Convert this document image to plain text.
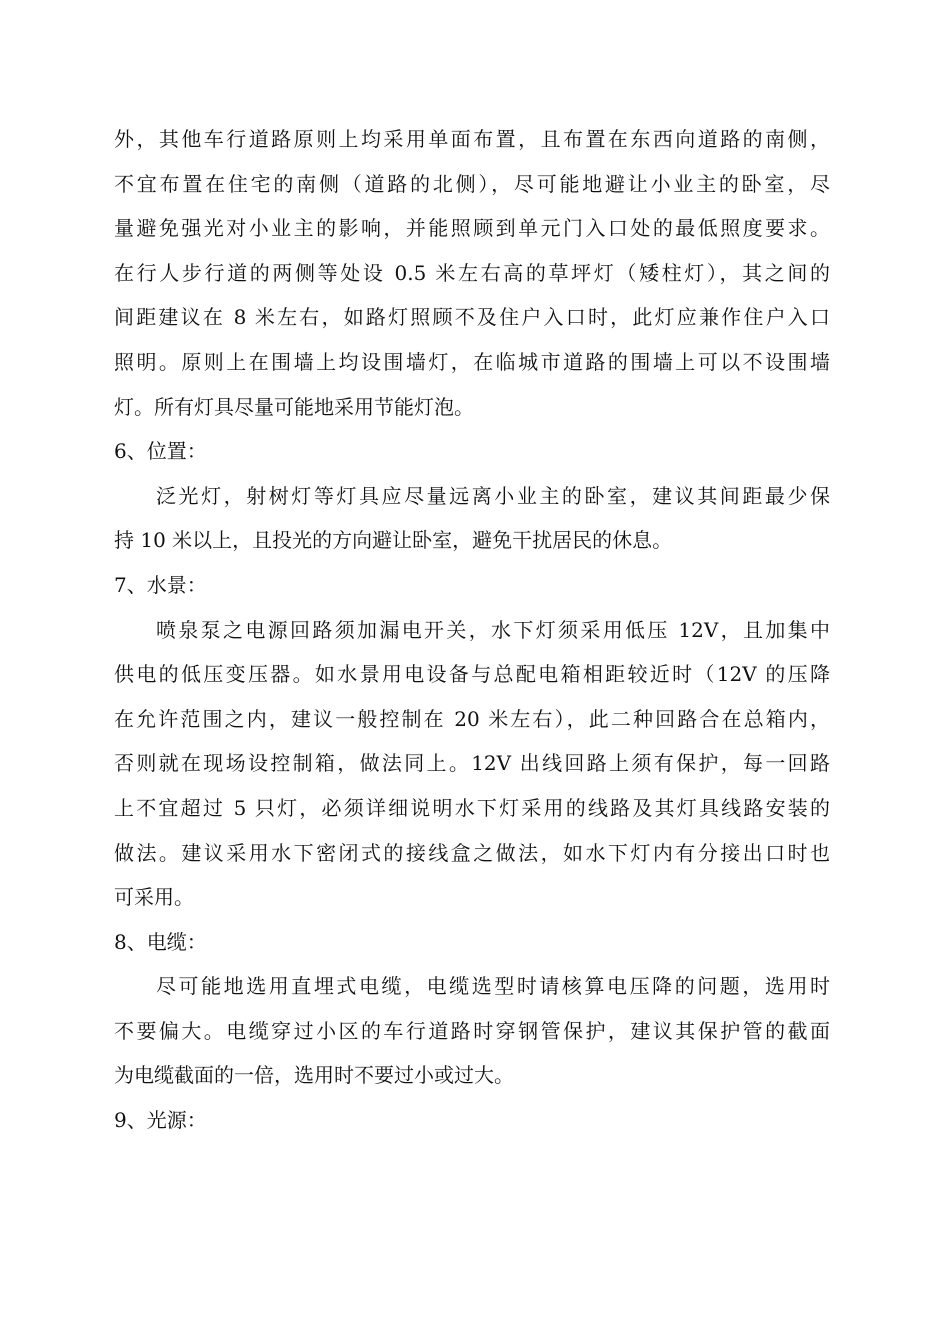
外，其他车行道路原则上均采用单面布置，且布置在东西向道路的南侧，
不宜布置在住宅的南侧（道路的北侧），尽可能地避让小业主的卧室，尽
量避免强光对小业主的影响，并能照顾到单元门入口处的最低照度要求。
在行人步行道的两侧等处设 0.5 米左右高的草坪灯（矮柱灯），其之间的
间距建议在 8 米左右，如路灯照顾不及住户入口时，此灯应兼作住户入口
照明。原则上在围墙上均设围墙灯，在临城市道路的围墙上可以不设围墙
灯。所有灯具尽量可能地采用节能灯泡。
6、位置：
泛光灯，射树灯等灯具应尽量远离小业主的卧室，建议其间距最少保
持 10 米以上，且投光的方向避让卧室，避免干扰居民的休息。
7、水景：
喷泉泵之电源回路须加漏电开关，水下灯须采用低压 12V，且加集中
供电的低压变压器。如水景用电设备与总配电箱相距较近时（12V 的压降
在允许范围之内，建议一般控制在 20 米左右），此二种回路合在总箱内，
否则就在现场设控制箱，做法同上。12V 出线回路上须有保护，每一回路
上不宜超过 5 只灯，必须详细说明水下灯采用的线路及其灯具线路安装的
做法。建议采用水下密闭式的接线盒之做法，如水下灯内有分接出口时也
可采用。
8、电缆：
尽可能地选用直埋式电缆，电缆选型时请核算电压降的问题，选用时
不要偏大。电缆穿过小区的车行道路时穿钢管保护，建议其保护管的截面
为电缆截面的一倍，选用时不要过小或过大。
9、光源：
